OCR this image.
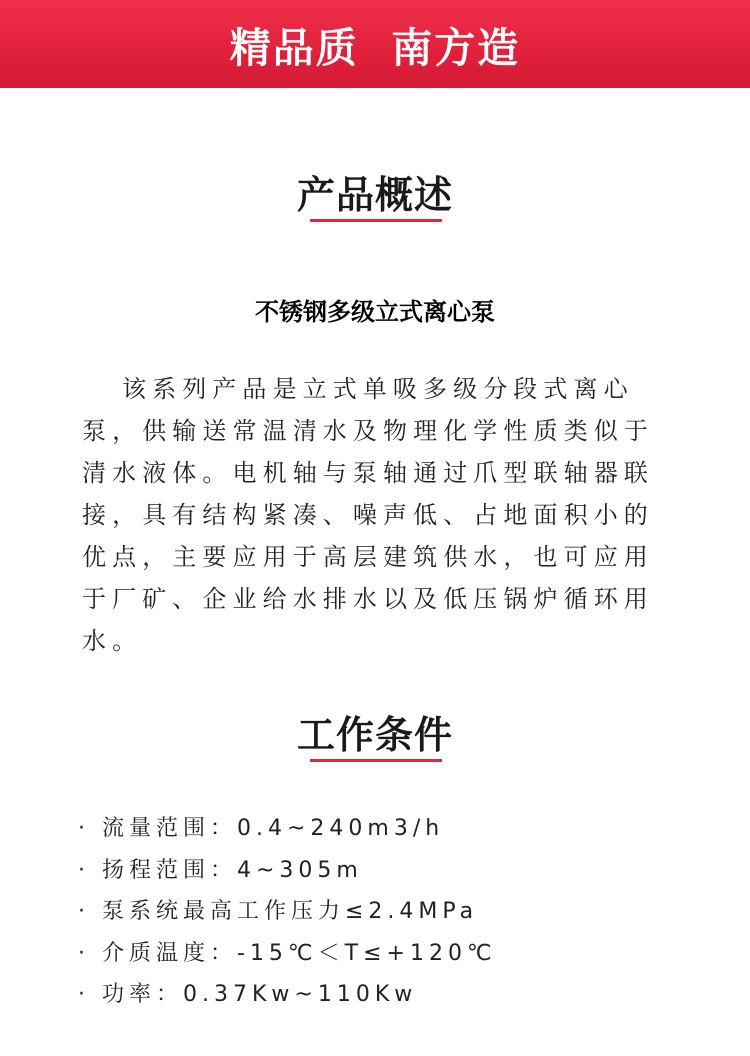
精品质  南方造
产品概述
不锈钢多级立式离心泵

该系列产品是立式单吸多级分段式离心泵，供输送常温清水及物理化学性质类似于清水液体。电机轴与泵轴通过爪型联轴器联接，具有结构紧凑、噪声低、占地面积小的优点，主要应用于高层建筑供水，也可应用于厂矿、企业给水排水以及低压锅炉循环用水。

工作条件
· 流量范围：0.4~240m3/h
· 扬程范围：4~305m
· 泵系统最高工作压力≤2.4MPa
· 介质温度：-15℃＜T≤+120℃
· 功率：0.37Kw~110Kw
